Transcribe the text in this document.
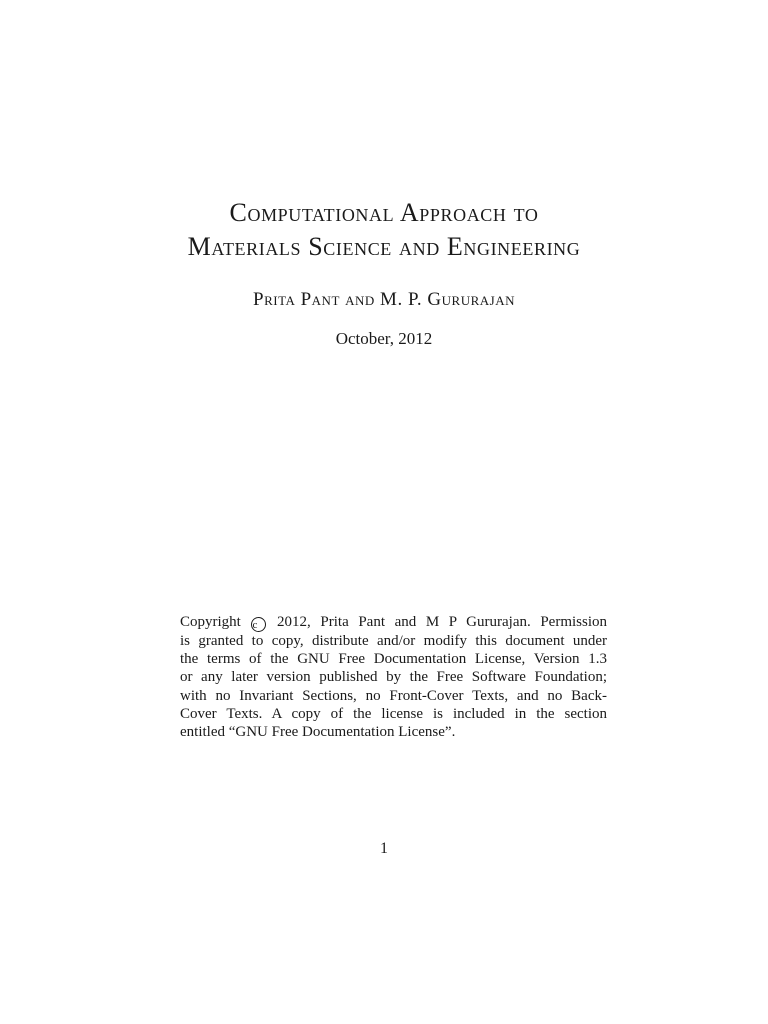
Computational Approach to
Materials Science and Engineering
Prita Pant and M. P. Gururajan
October, 2012
Copyright c 2012, Prita Pant and M P Gururajan. Permission
is granted to copy, distribute and/or modify this document under
the terms of the GNU Free Documentation License, Version 1.3
or any later version published by the Free Software Foundation;
with no Invariant Sections, no Front-Cover Texts, and no Back-
Cover Texts. A copy of the license is included in the section
entitled “GNU Free Documentation License”.
1
